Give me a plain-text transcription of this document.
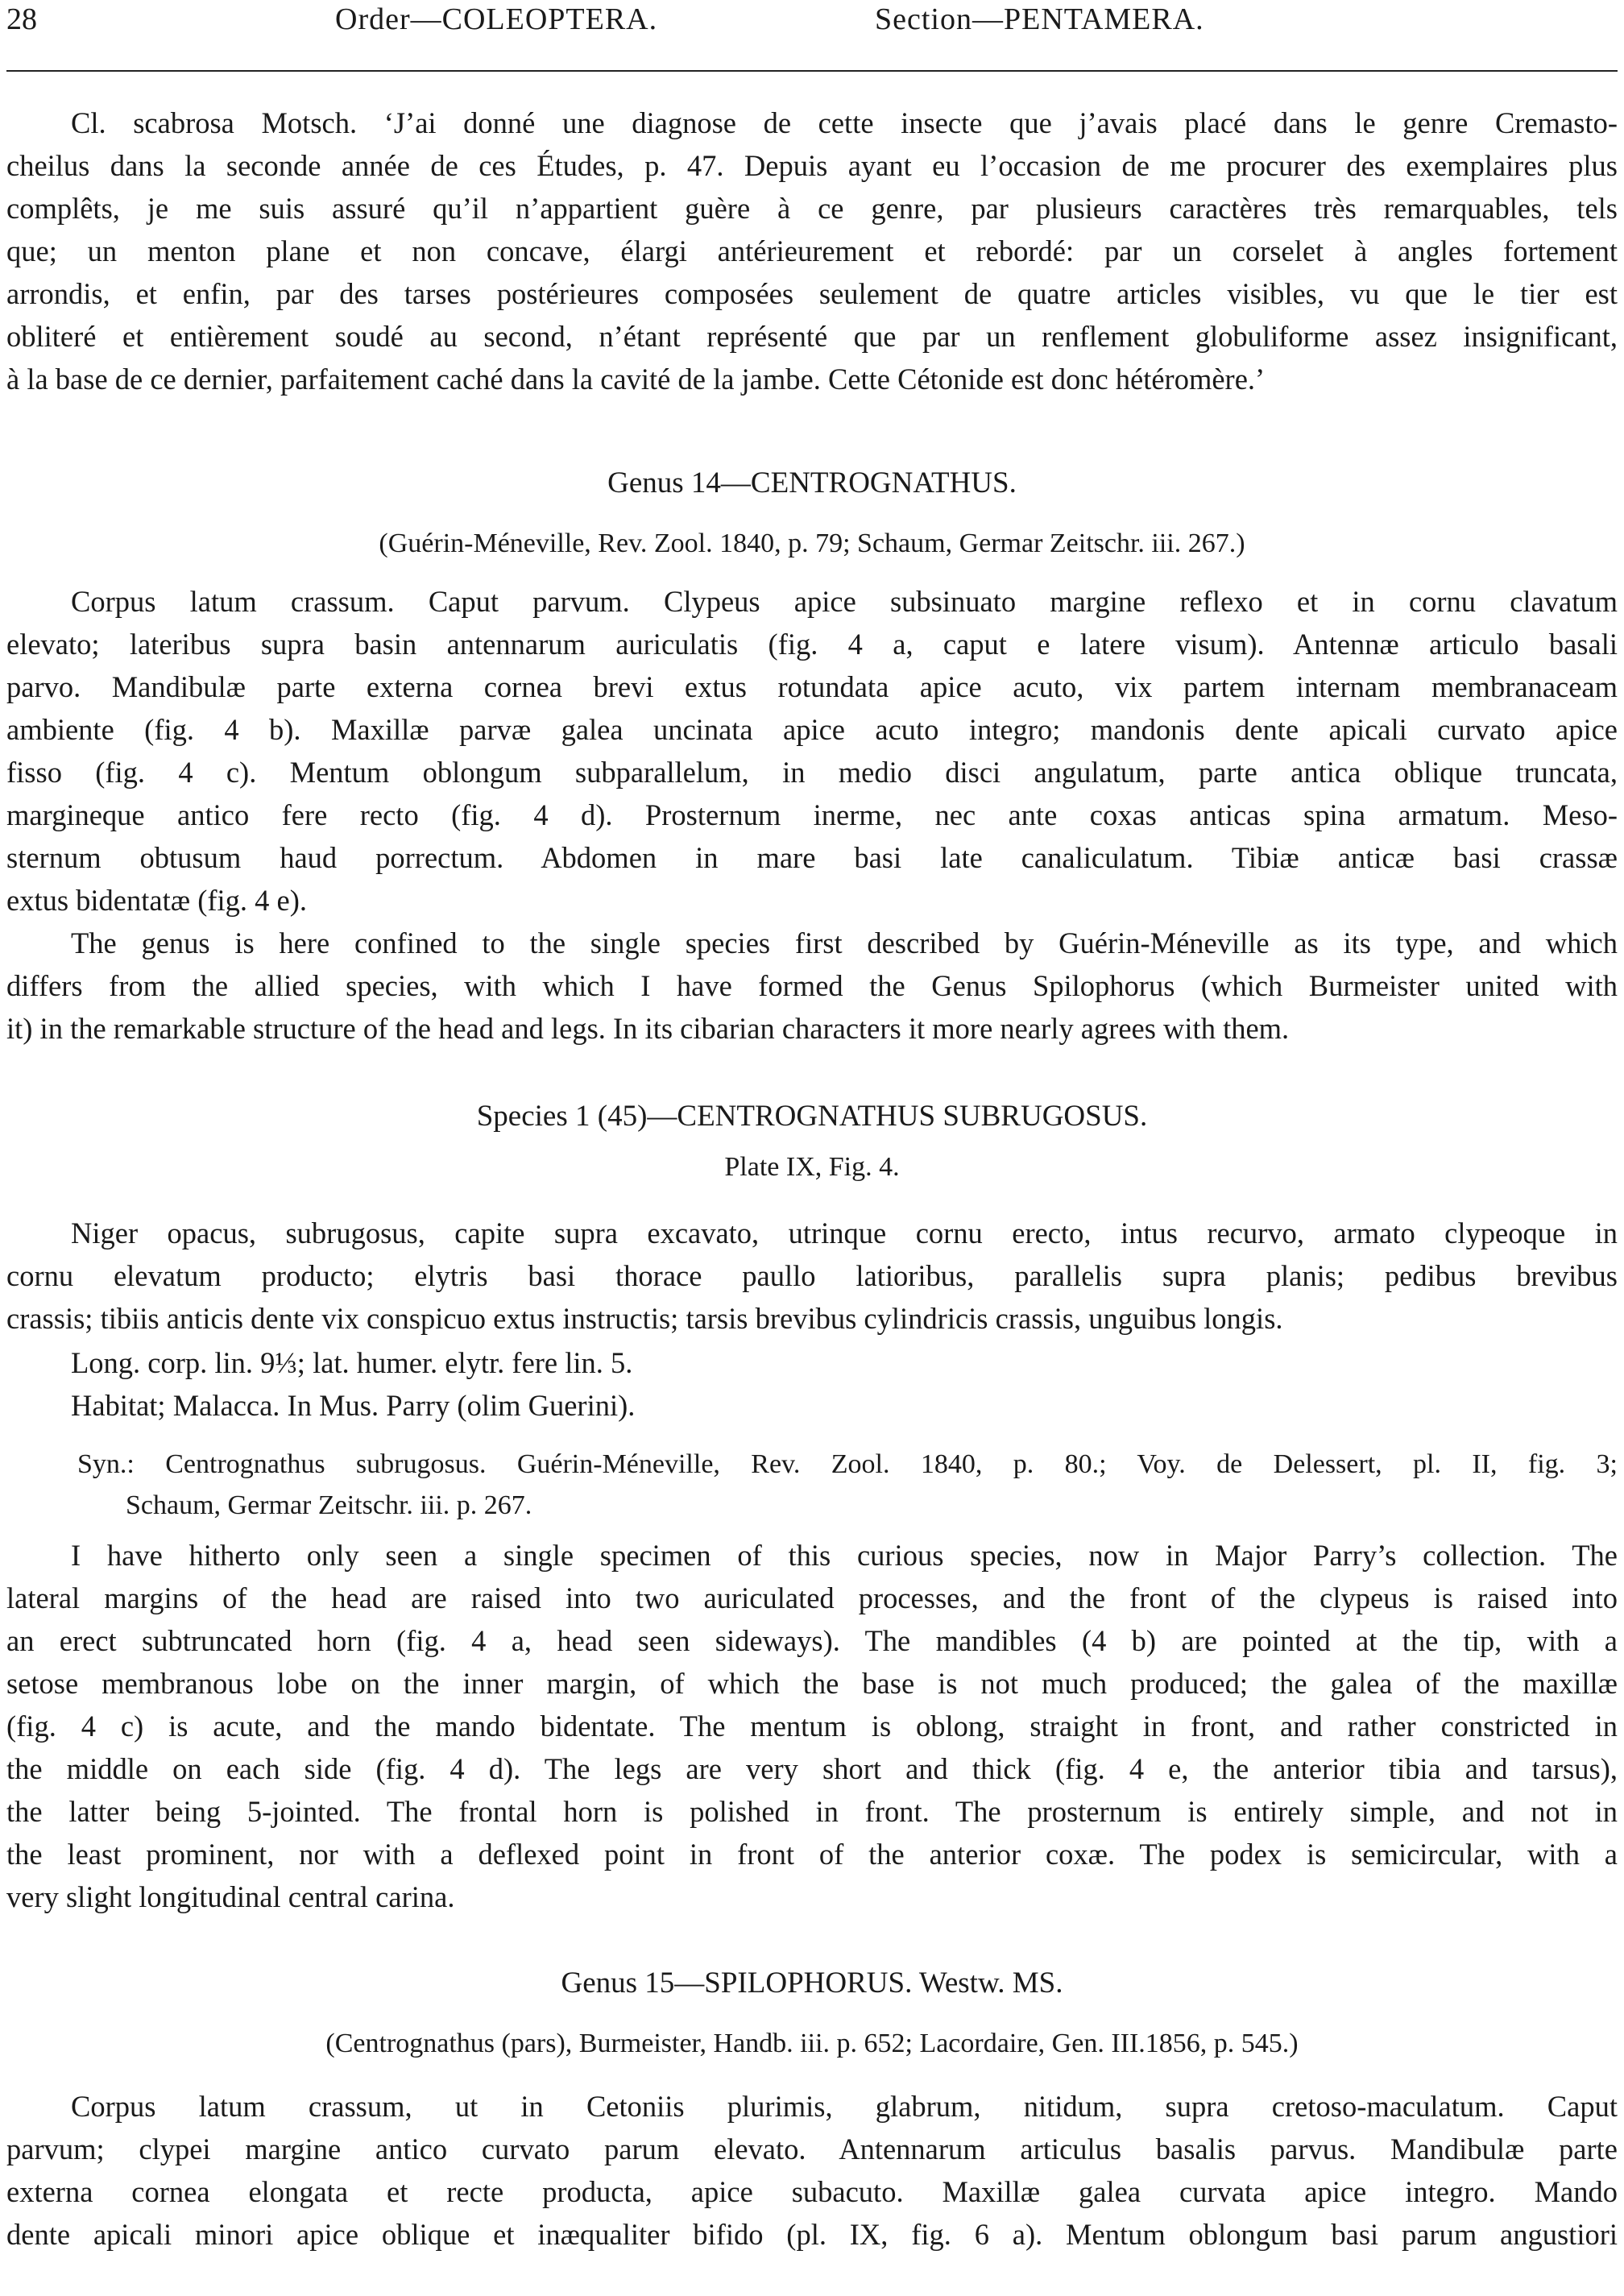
28	Order—COLEOPTERA.	Section—PENTAMERA.
Cl. scabrosa Motsch. ‘J’ai donné une diagnose de cette insecte que j’avais placé dans le genre Cremasto-
cheilus dans la seconde année de ces Études, p. 47. Depuis ayant eu l’occasion de me procurer des exemplaires plus
complêts, je me suis assuré qu’il n’appartient guère à ce genre, par plusieurs caractères très remarquables, tels
que; un menton plane et non concave, élargi antérieurement et rebordé: par un corselet à angles fortement
arrondis, et enfin, par des tarses postérieures composées seulement de quatre articles visibles, vu que le tier est
obliteré et entièrement soudé au second, n’étant représenté que par un renflement globuliforme assez insignificant,
à la base de ce dernier, parfaitement caché dans la cavité de la jambe. Cette Cétonide est donc hétéromère.’
Genus 14—CENTROGNATHUS.
(Guérin-Méneville, Rev. Zool. 1840, p. 79; Schaum, Germar Zeitschr. iii. 267.)
Corpus latum crassum. Caput parvum. Clypeus apice subsinuato margine reflexo et in cornu clavatum
elevato; lateribus supra basin antennarum auriculatis (fig. 4 a, caput e latere visum). Antennæ articulo basali
parvo. Mandibulæ parte externa cornea brevi extus rotundata apice acuto, vix partem internam membranaceam
ambiente (fig. 4 b). Maxillæ parvæ galea uncinata apice acuto integro; mandonis dente apicali curvato apice
fisso (fig. 4 c). Mentum oblongum subparallelum, in medio disci angulatum, parte antica oblique truncata,
margineque antico fere recto (fig. 4 d). Prosternum inerme, nec ante coxas anticas spina armatum. Meso-
sternum obtusum haud porrectum. Abdomen in mare basi late canaliculatum. Tibiæ anticæ basi crassæ
extus bidentatæ (fig. 4 e).
The genus is here confined to the single species first described by Guérin-Méneville as its type, and which
differs from the allied species, with which I have formed the Genus Spilophorus (which Burmeister united with
it) in the remarkable structure of the head and legs. In its cibarian characters it more nearly agrees with them.
Species 1 (45)—CENTROGNATHUS SUBRUGOSUS.
Plate IX, Fig. 4.
Niger opacus, subrugosus, capite supra excavato, utrinque cornu erecto, intus recurvo, armato clypeoque in
cornu elevatum producto; elytris basi thorace paullo latioribus, parallelis supra planis; pedibus brevibus
crassis; tibiis anticis dente vix conspicuo extus instructis; tarsis brevibus cylindricis crassis, unguibus longis.
Long. corp. lin. 9⅓; lat. humer. elytr. fere lin. 5.
Habitat; Malacca. In Mus. Parry (olim Guerini).
Syn.: Centrognathus subrugosus. Guérin-Méneville, Rev. Zool. 1840, p. 80.; Voy. de Delessert, pl. II, fig. 3;
Schaum, Germar Zeitschr. iii. p. 267.
I have hitherto only seen a single specimen of this curious species, now in Major Parry’s collection. The
lateral margins of the head are raised into two auriculated processes, and the front of the clypeus is raised into
an erect subtruncated horn (fig. 4 a, head seen sideways). The mandibles (4 b) are pointed at the tip, with a
setose membranous lobe on the inner margin, of which the base is not much produced; the galea of the maxillæ
(fig. 4 c) is acute, and the mando bidentate. The mentum is oblong, straight in front, and rather constricted in
the middle on each side (fig. 4 d). The legs are very short and thick (fig. 4 e, the anterior tibia and tarsus),
the latter being 5-jointed. The frontal horn is polished in front. The prosternum is entirely simple, and not in
the least prominent, nor with a deflexed point in front of the anterior coxæ. The podex is semicircular, with a
very slight longitudinal central carina.
Genus 15—SPILOPHORUS. Westw. MS.
(Centrognathus (pars), Burmeister, Handb. iii. p. 652; Lacordaire, Gen. III.1856, p. 545.)
Corpus latum crassum, ut in Cetoniis plurimis, glabrum, nitidum, supra cretoso-maculatum. Caput
parvum; clypei margine antico curvato parum elevato. Antennarum articulus basalis parvus. Mandibulæ parte
externa cornea elongata et recte producta, apice subacuto. Maxillæ galea curvata apice integro. Mando
dente apicali minori apice oblique et inæqualiter bifido (pl. IX, fig. 6 a). Mentum oblongum basi parum angustiori
